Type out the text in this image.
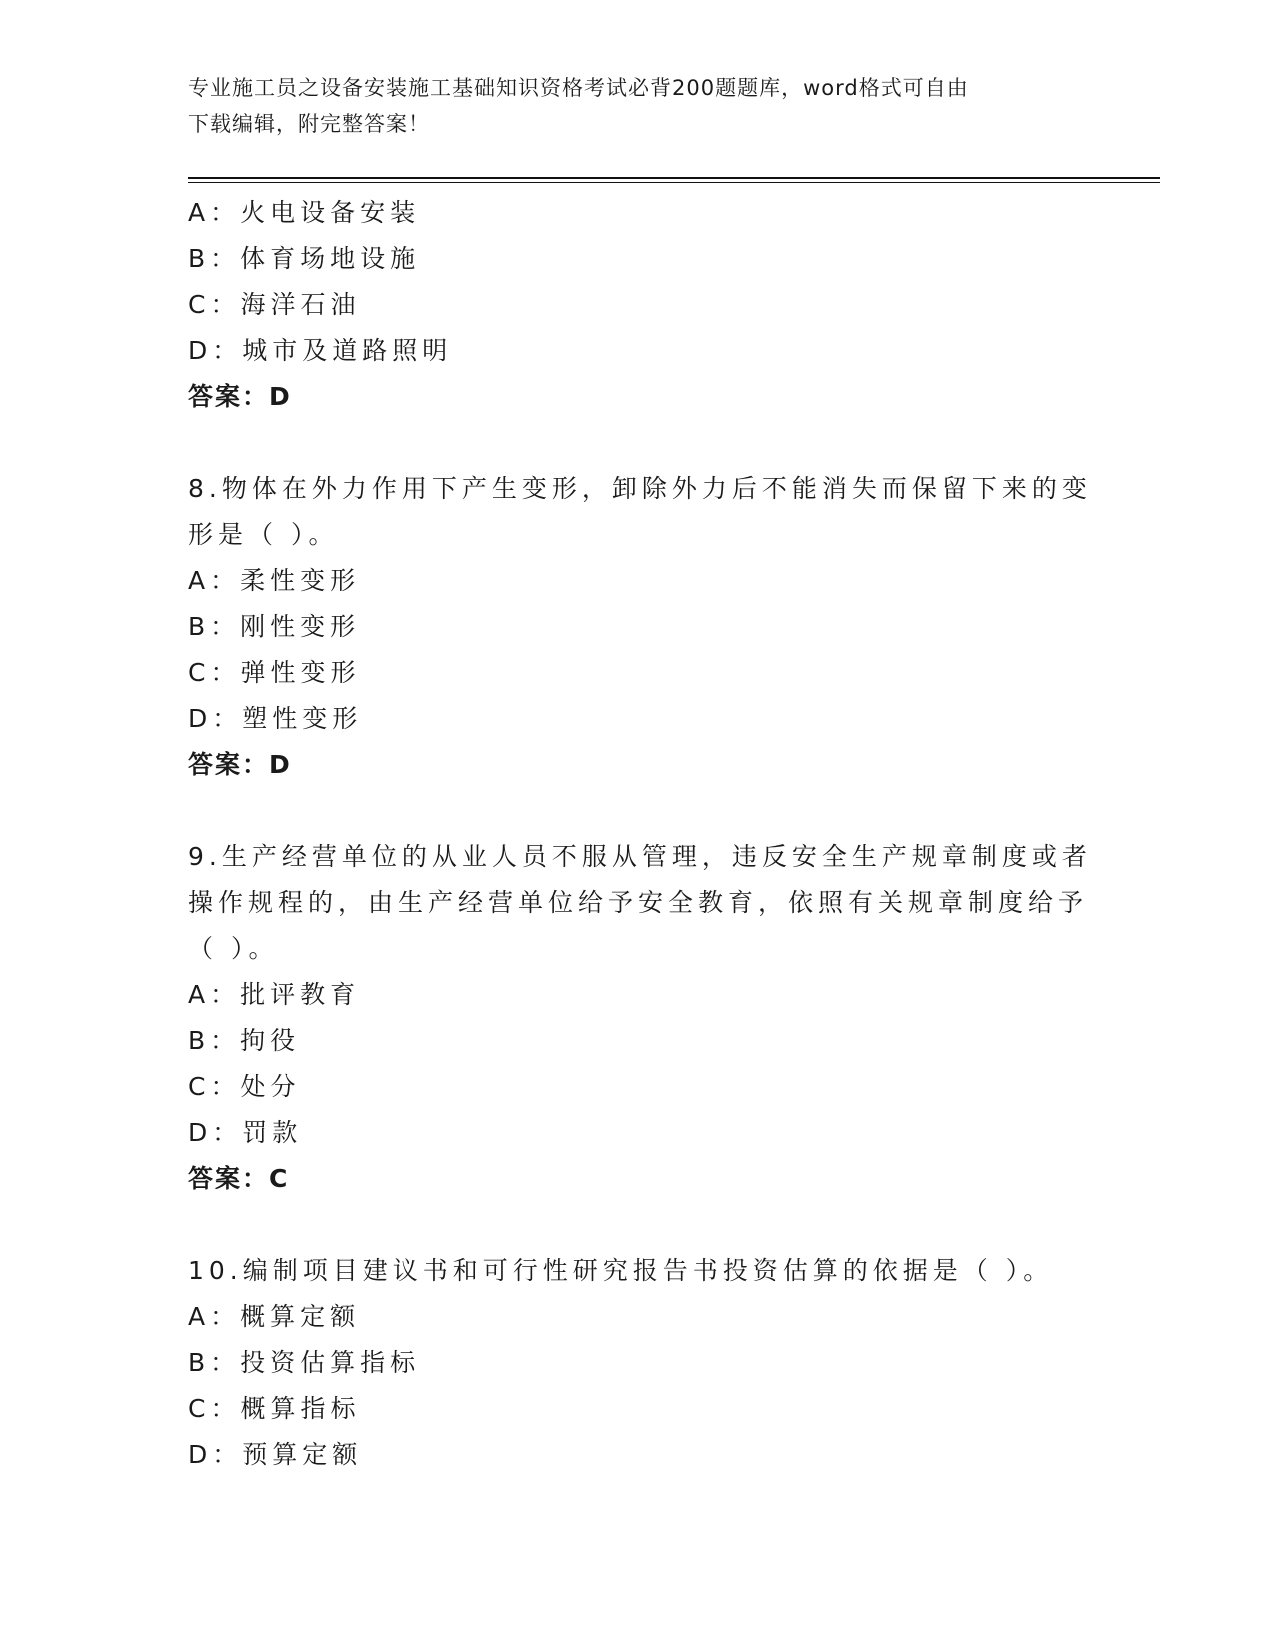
专业施工员之设备安装施工基础知识资格考试必背200题题库，word格式可自由
下载编辑，附完整答案！
A：火电设备安装
B：体育场地设施
C：海洋石油
D：城市及道路照明
答案：D
8.物体在外力作用下产生变形，卸除外力后不能消失而保留下来的变
形是（ ）。
A：柔性变形
B：刚性变形
C：弹性变形
D：塑性变形
答案：D
9.生产经营单位的从业人员不服从管理，违反安全生产规章制度或者
操作规程的，由生产经营单位给予安全教育，依照有关规章制度给予
（ ）。
A：批评教育
B：拘役
C：处分
D：罚款
答案：C
10.编制项目建议书和可行性研究报告书投资估算的依据是（ ）。
A：概算定额
B：投资估算指标
C：概算指标
D：预算定额
